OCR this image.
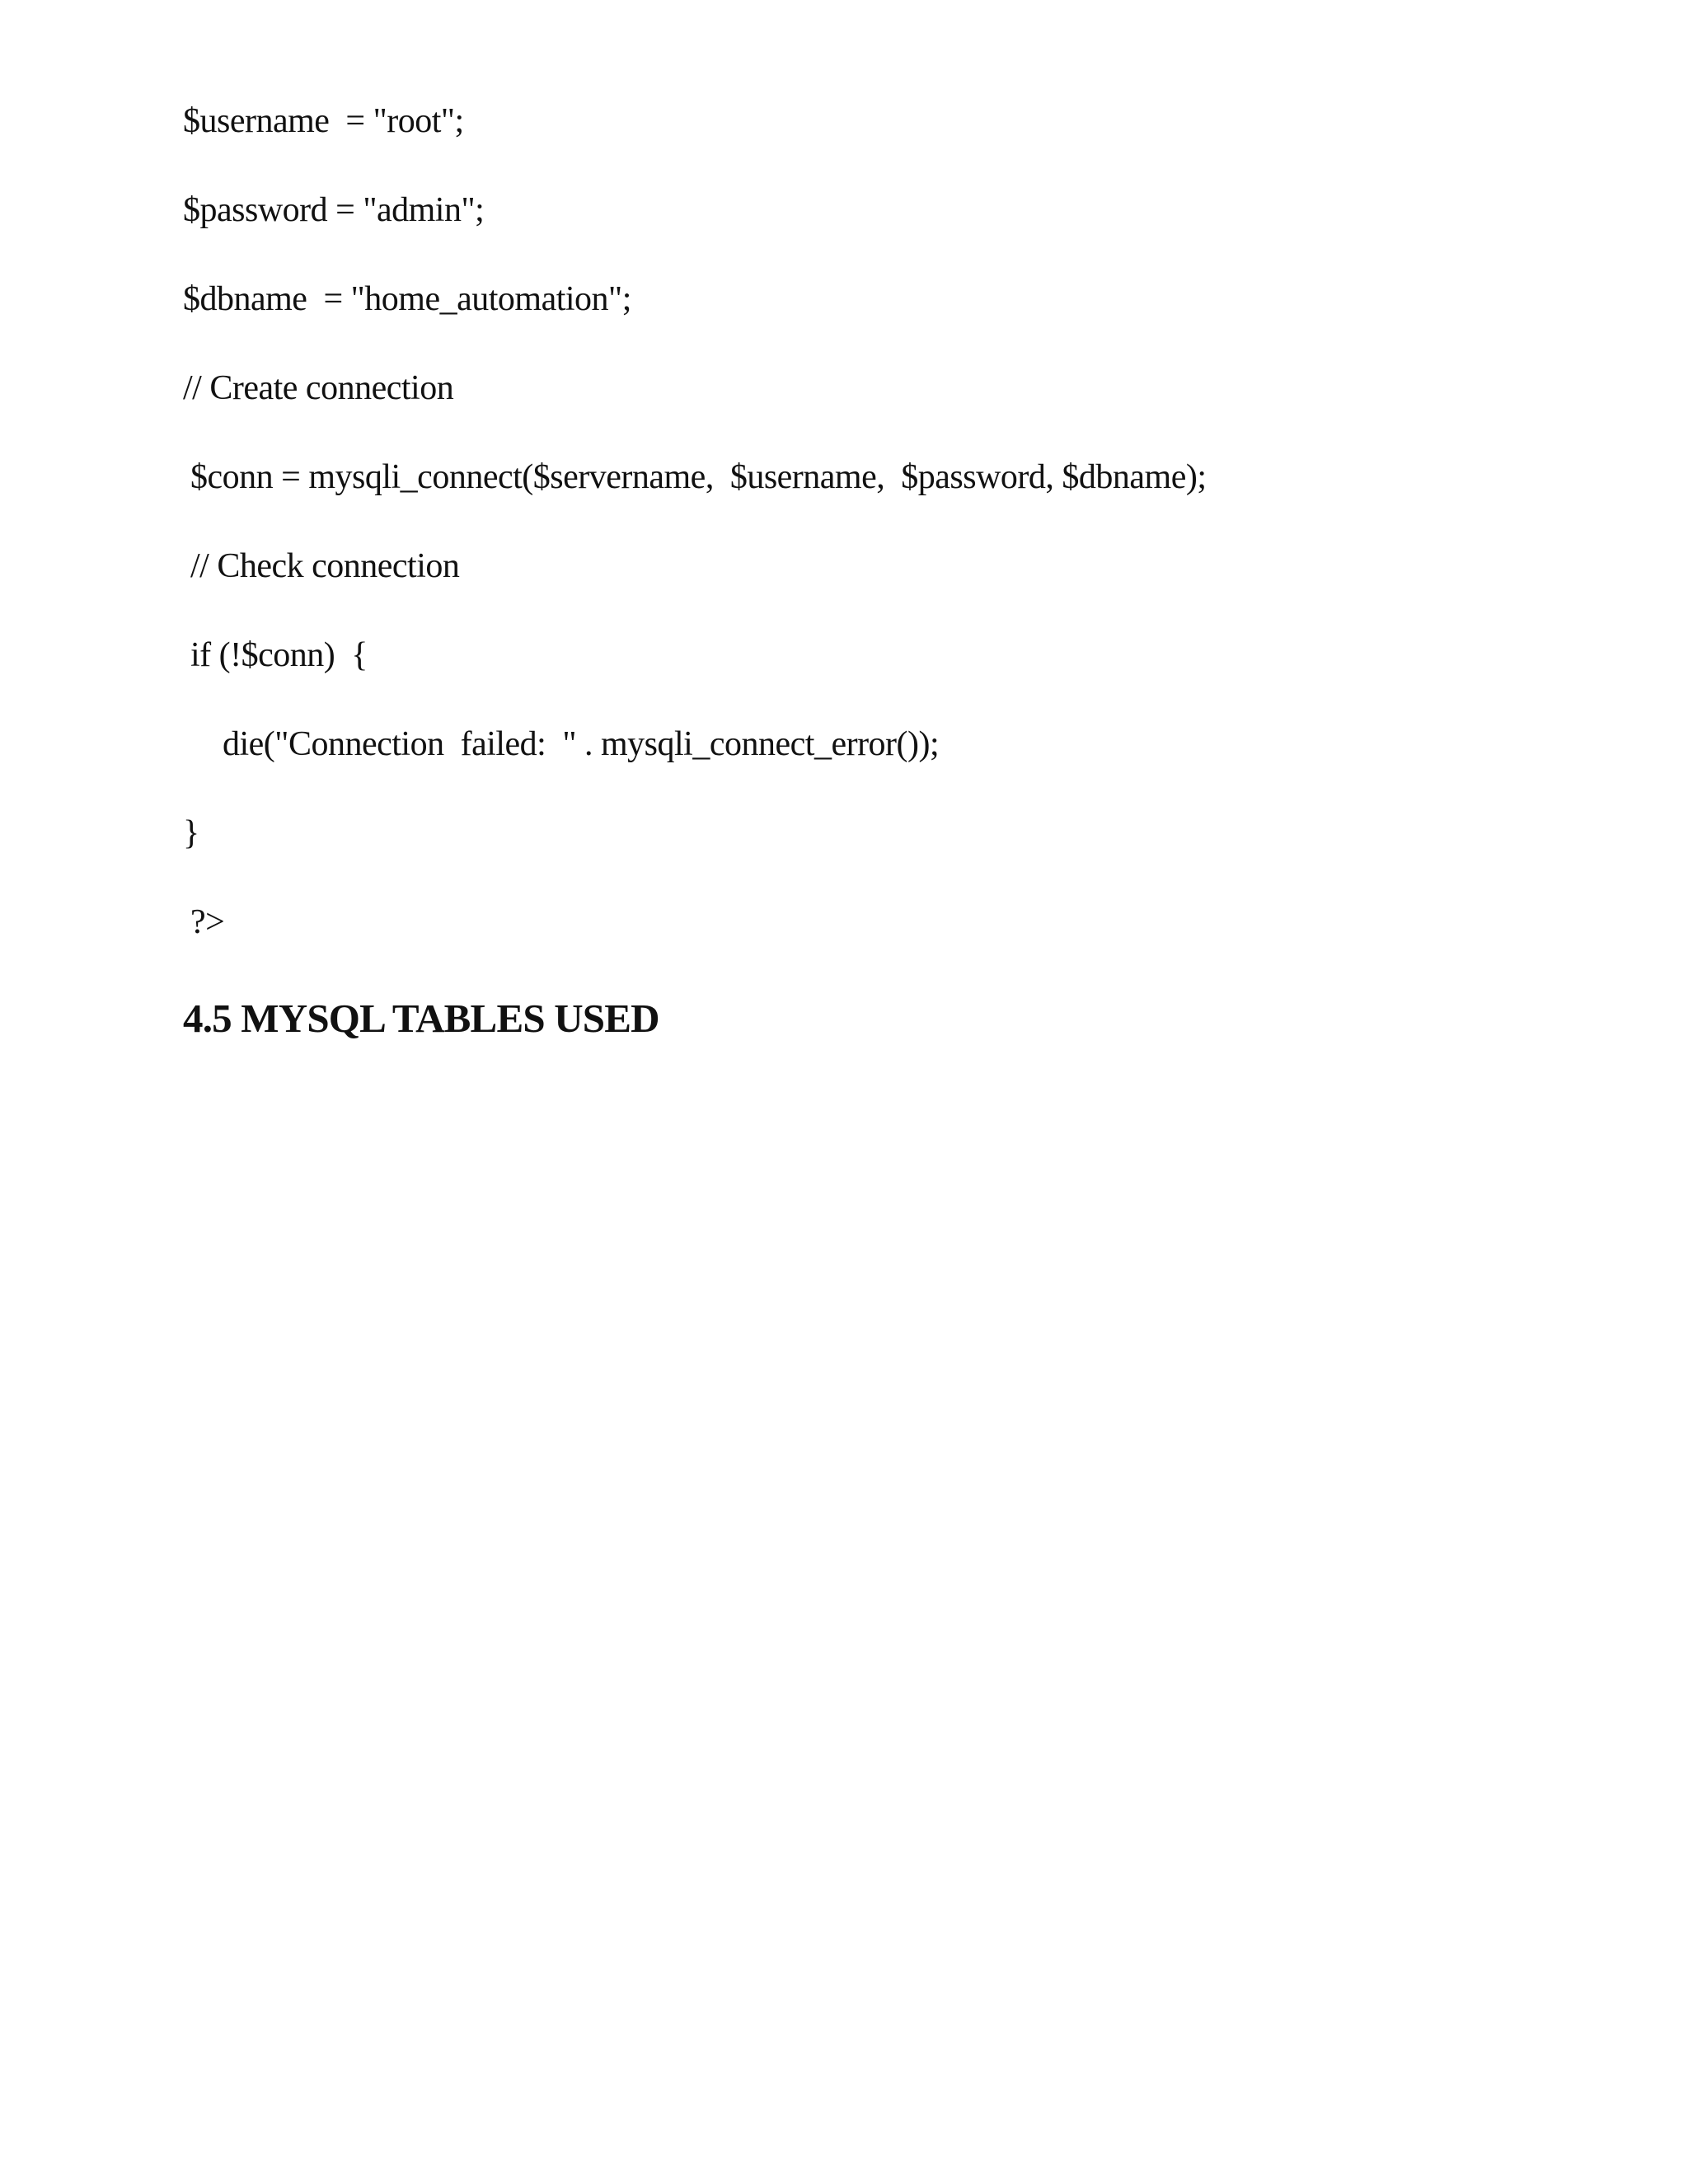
$username  = "root";
$password = "admin";
$dbname  = "home_automation";
// Create connection
$conn = mysqli_connect($servername,  $username,  $password, $dbname);
// Check connection
if (!$conn)  {
die("Connection  failed:  " . mysqli_connect_error());
}
?>
4.5 MYSQL TABLES USED
